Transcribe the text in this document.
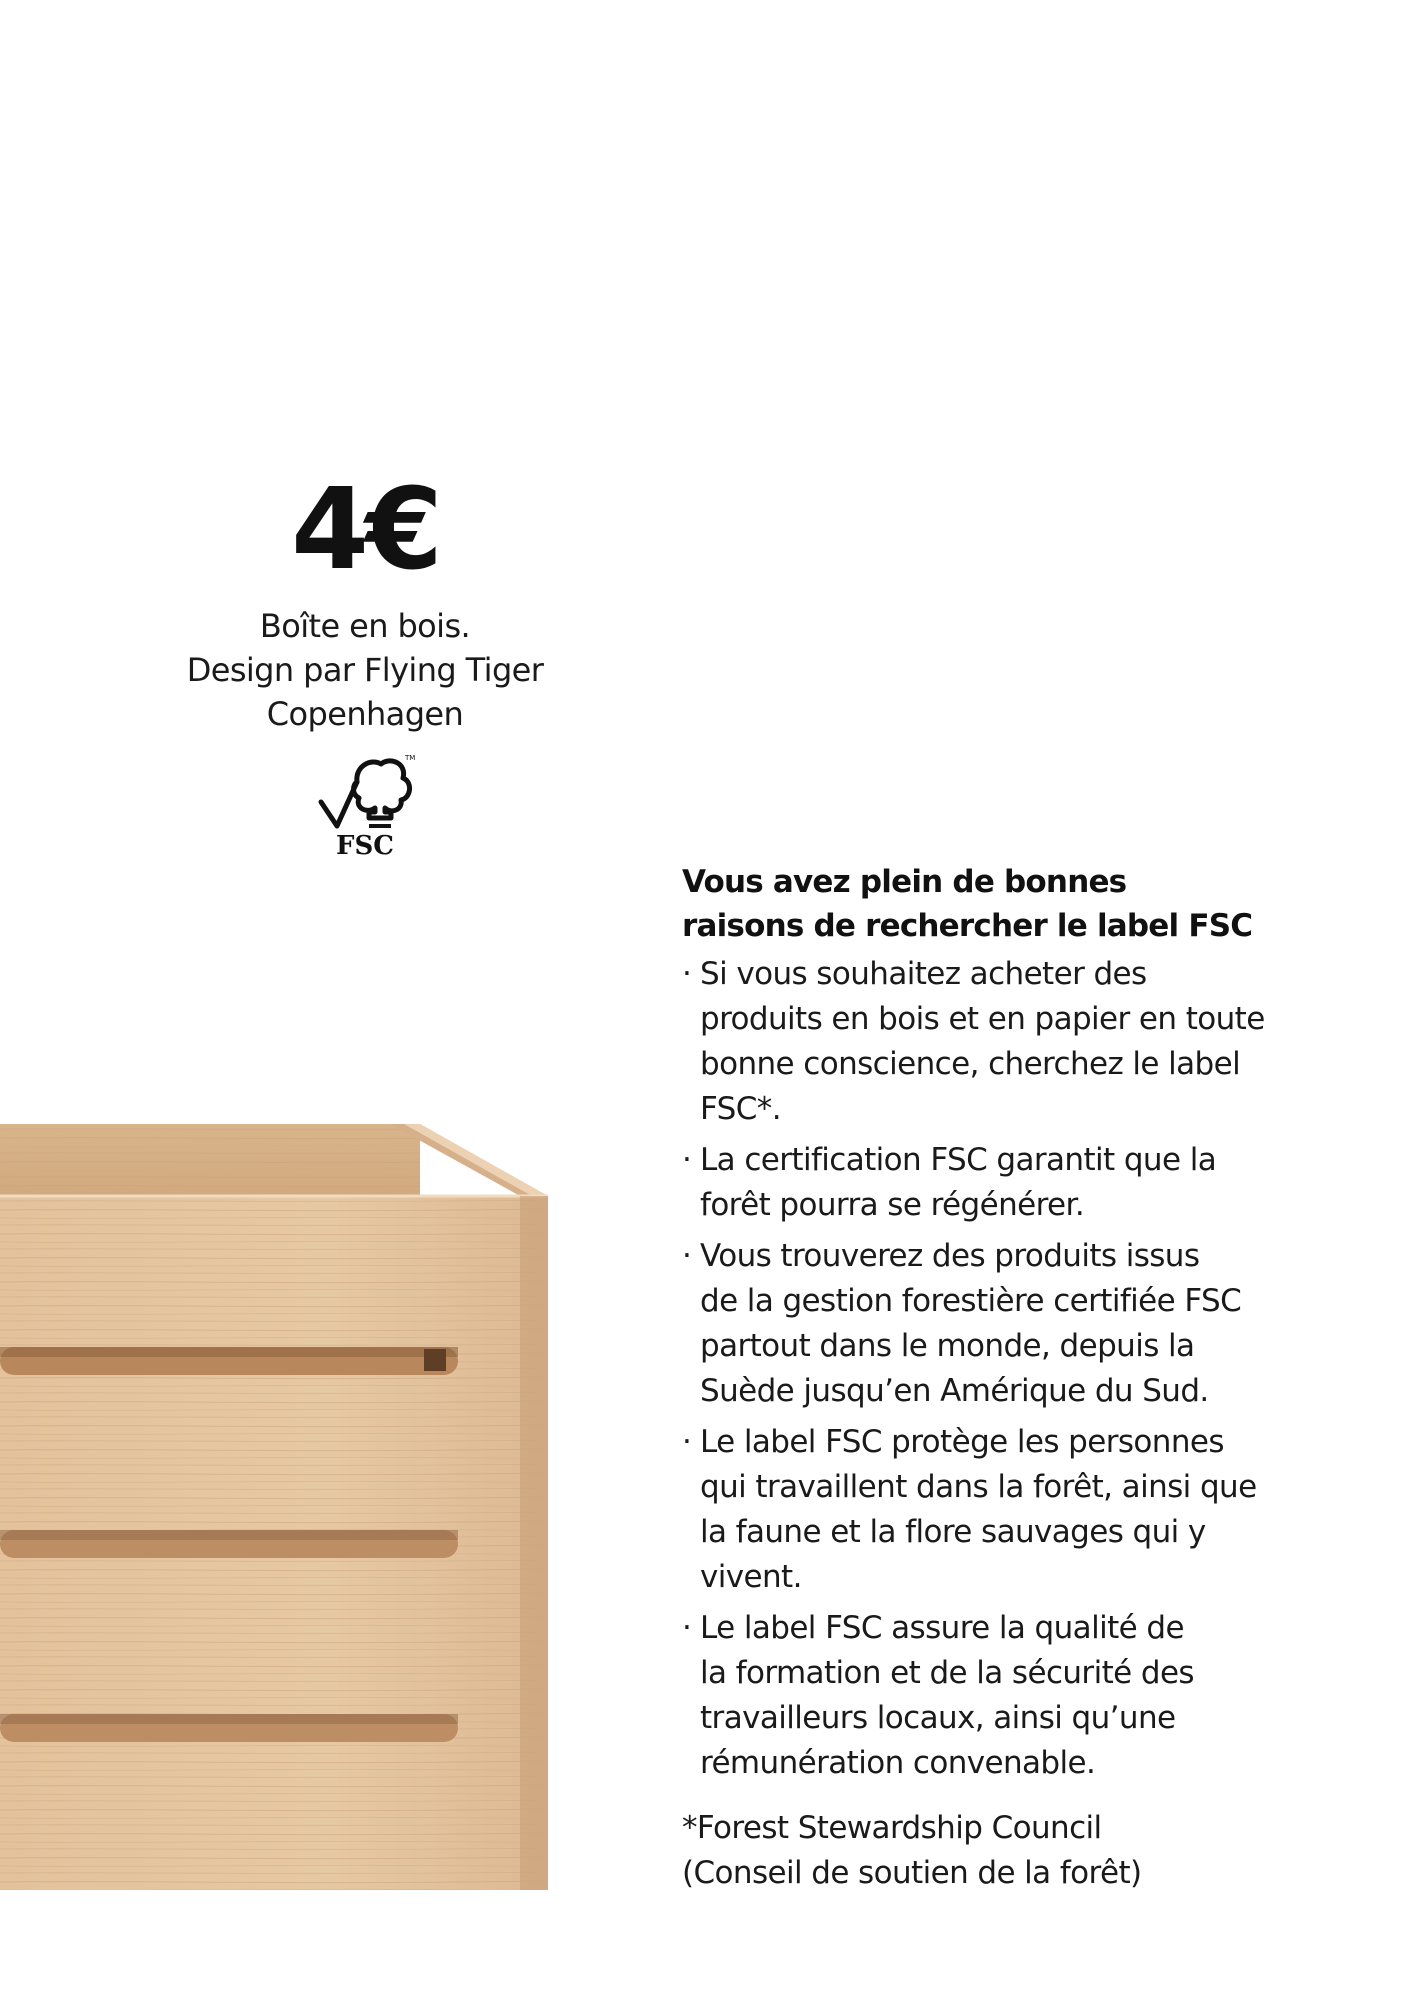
4€
Boîte en bois.
Design par Flying Tiger
Copenhagen
TM
FSC
Vous avez plein de bonnes
raisons de rechercher le label FSC
· Si vous souhaitez acheter des
produits en bois et en papier en toute
bonne conscience, cherchez le label
FSC*.
· La certification FSC garantit que la
forêt pourra se régénérer.
· Vous trouverez des produits issus
de la gestion forestière certifiée FSC
partout dans le monde, depuis la
Suède jusqu’en Amérique du Sud.
· Le label FSC protège les personnes
qui travaillent dans la forêt, ainsi que
la faune et la flore sauvages qui y
vivent.
· Le label FSC assure la qualité de
la formation et de la sécurité des
travailleurs locaux, ainsi qu’une
rémunération convenable.
*Forest Stewardship Council
(Conseil de soutien de la forêt)
